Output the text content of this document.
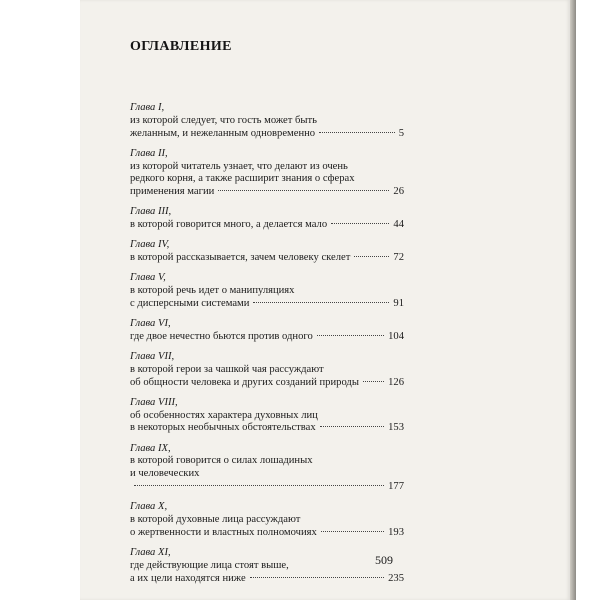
ОГЛАВЛЕНИЕ
Глава I,
из которой следует, что гость может быть
желанным, и нежеланным одновременно	5
Глава II,
из которой читатель узнает, что делают из очень
редкого корня, а также расширит знания о сферах
применения магии	26
Глава III,
в которой говорится много, а делается мало	44
Глава IV,
в которой рассказывается, зачем человеку скелет	72
Глава V,
в которой речь идет о манипуляциях
с дисперсными системами	91
Глава VI,
где двое нечестно бьются против одного	104
Глава VII,
в которой герои за чашкой чая рассуждают
об общности человека и других созданий природы	126
Глава VIII,
об особенностях характера духовных лиц
в некоторых необычных обстоятельствах	153
Глава IX,
в которой говорится о силах лошадиных
и человеческих
177
Глава X,
в которой духовные лица рассуждают
о жертвенности и властных полномочиях	193
Глава XI,
где действующие лица стоят выше,
а их цели находятся ниже	235
509
